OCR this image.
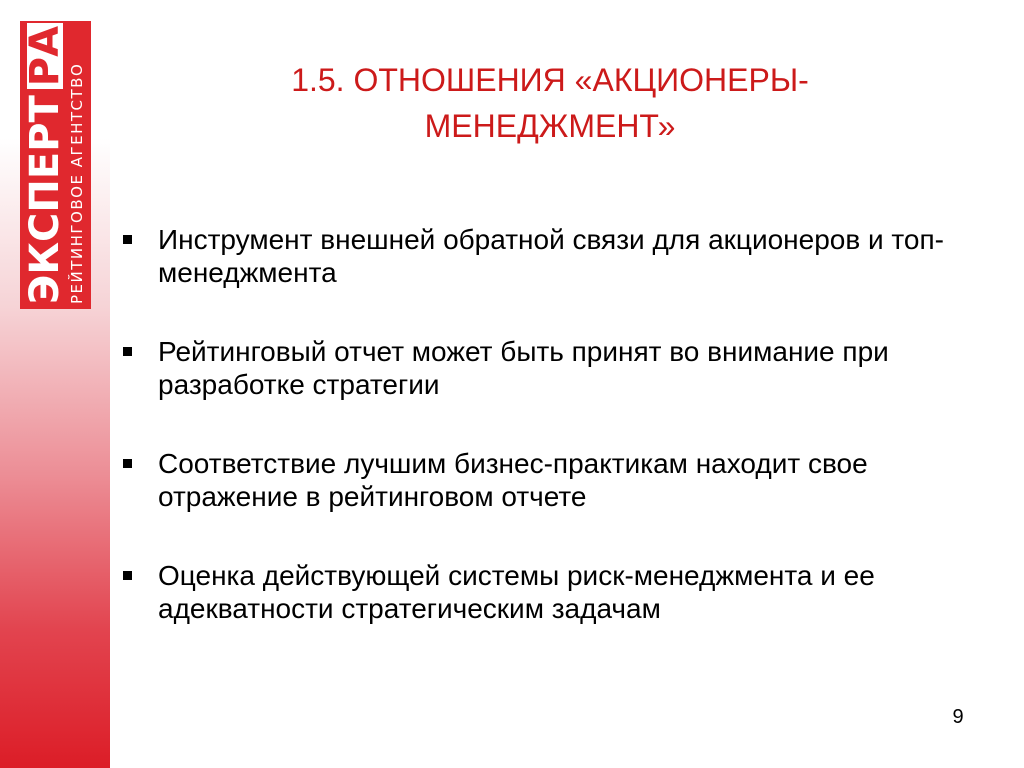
ЭКСПЕРТ
РА
РЕЙТИНГОВОЕ АГЕНТСТВО	1.5. ОТНОШЕНИЯ «АКЦИОНЕРЫ-МЕНЕДЖМЕНТ»
Инструмент внешней обратной связи для акционеров и топ-менеджмента
Рейтинговый отчет может быть принят во внимание при разработке стратегии
Соответствие лучшим бизнес-практикам находит свое отражение в рейтинговом отчете
Оценка действующей системы риск-менеджмента и ее адекватности стратегическим задачам
9
